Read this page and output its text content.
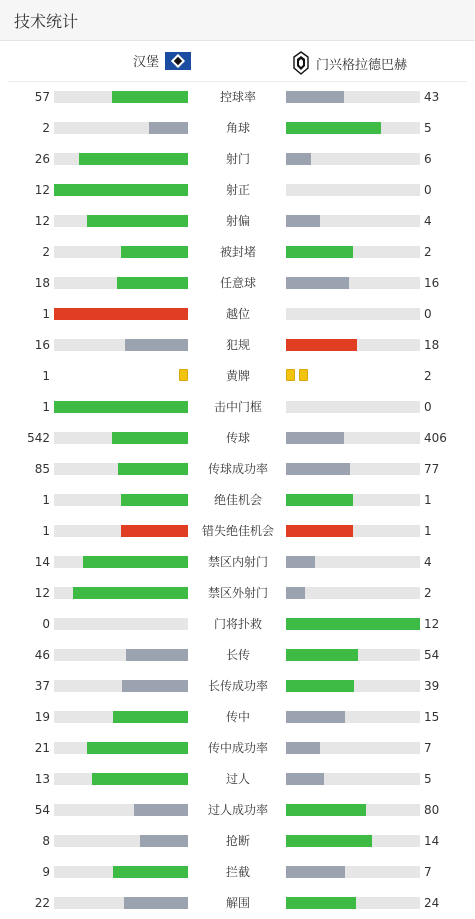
技术统计
汉堡	门兴格拉德巴赫
57	控球率	43
2	角球	5
26	射门	6
12	射正	0
12	射偏	4
2	被封堵	2
18	任意球	16
1	越位	0
16	犯规	18
1	黄牌	2
1	击中门框	0
542	传球	406
85	传球成功率	77
1	绝佳机会	1
1	错失绝佳机会	1
14	禁区内射门	4
12	禁区外射门	2
0	门将扑救	12
46	长传	54
37	长传成功率	39
19	传中	15
21	传中成功率	7
13	过人	5
54	过人成功率	80
8	抢断	14
9	拦截	7
22	解围	24
